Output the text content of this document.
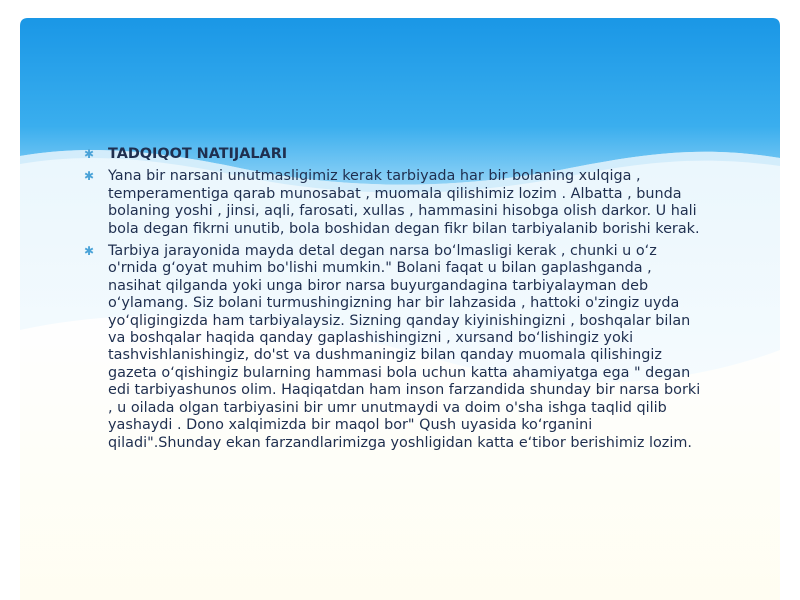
✱ TADQIQOT NATIJALARI
✱ Yana bir narsani unutmasligimiz kerak tarbiyada har bir bolaning xulqiga , temperamentiga qarab munosabat , muomala qilishimiz lozim . Albatta , bunda bolaning yoshi , jinsi, aqli, farosati, xullas , hammasini hisobga olish darkor. U hali bola degan fikrni unutib, bola boshidan degan fikr bilan tarbiyalanib borishi kerak.
✱ Tarbiya jarayonida mayda detal degan narsa bo‘lmasligi kerak , chunki u o‘z o'rnida g‘oyat muhim bo'lishi mumkin." Bolani faqat u bilan gaplashganda , nasihat qilganda yoki unga biror narsa buyurgandagina tarbiyalayman deb o‘ylamang. Siz bolani turmushingizning har bir lahzasida , hattoki o'zingiz uyda yo‘qligingizda ham tarbiyalaysiz. Sizning qanday kiyinishingizni , boshqalar bilan va boshqalar haqida qanday gaplashishingizni , xursand bo‘lishingiz yoki tashvishlanishingiz, do'st va dushmaningiz bilan qanday muomala qilishingiz gazeta o‘qishingiz bularning hammasi bola uchun katta ahamiyatga ega " degan edi tarbiyashunos olim. Haqiqatdan ham inson farzandida shunday bir narsa borki , u oilada olgan tarbiyasini bir umr unutmaydi va doim o'sha ishga taqlid qilib yashaydi . Dono xalqimizda bir maqol bor" Qush uyasida ko‘rganini qiladi".Shunday ekan farzandlarimizga yoshligidan katta e‘tibor berishimiz lozim.
